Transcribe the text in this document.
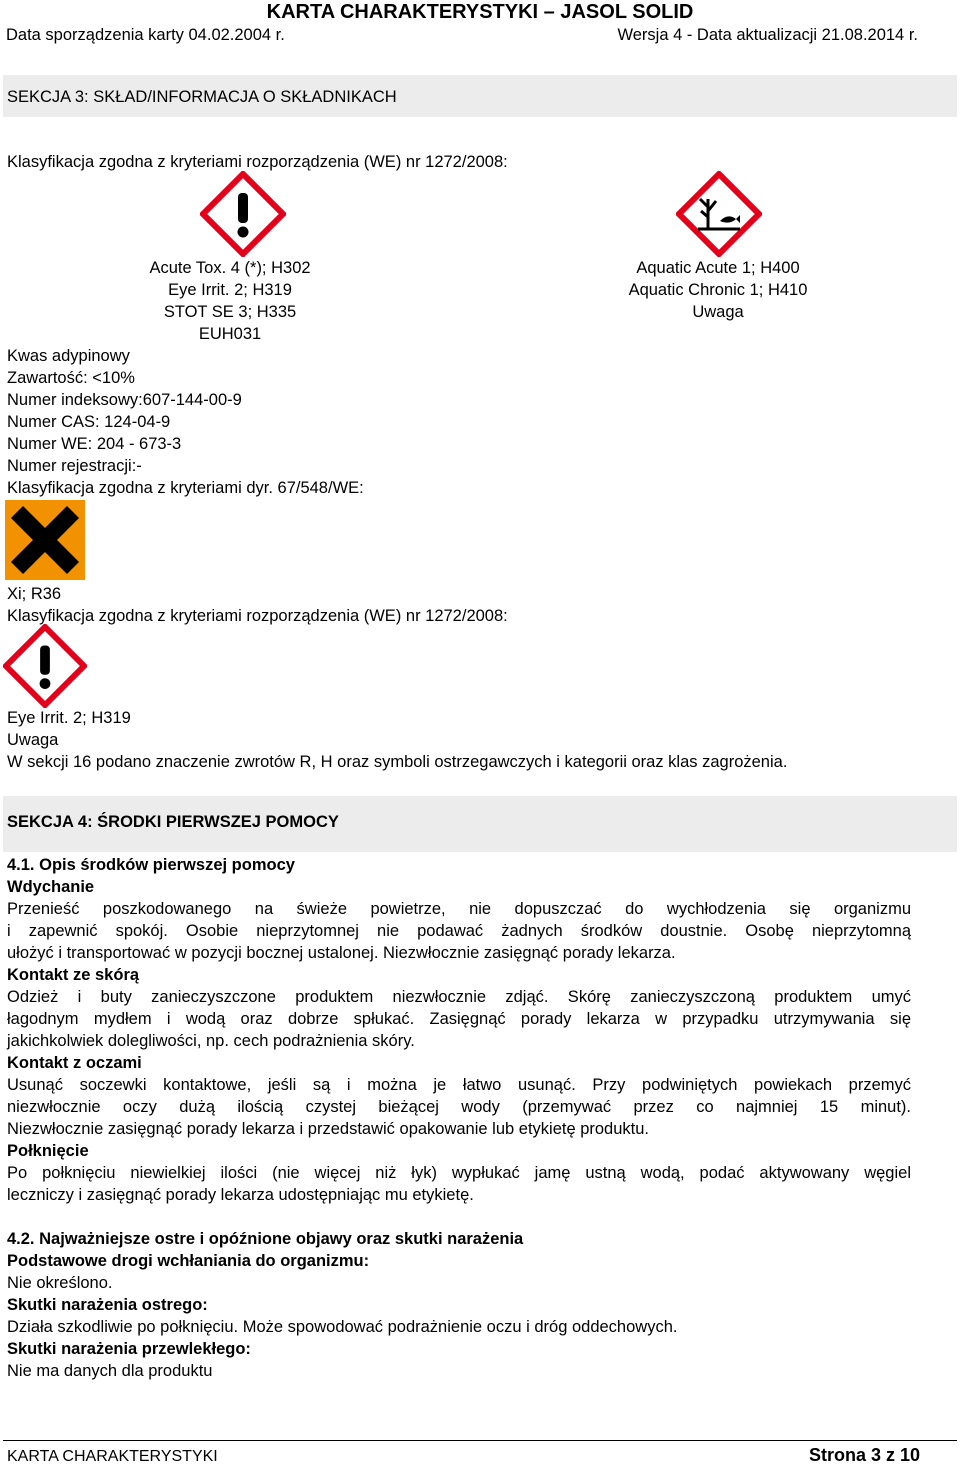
KARTA CHARAKTERYSTYKI – JASOL SOLID
Data sporządzenia karty 04.02.2004 r.	Wersja 4 - Data aktualizacji 21.08.2014 r.
SEKCJA 3: SKŁAD/INFORMACJA O SKŁADNIKACH
Klasyfikacja zgodna z kryteriami rozporządzenia (WE) nr 1272/2008:
Acute Tox. 4 (*); H302
Eye Irrit. 2; H319
STOT SE 3; H335
EUH031
Aquatic Acute 1; H400
Aquatic Chronic 1; H410
Uwaga
Kwas adypinowy
Zawartość: <10%
Numer indeksowy:607-144-00-9
Numer CAS: 124-04-9
Numer WE: 204 - 673-3
Numer rejestracji:-
Klasyfikacja zgodna z kryteriami dyr. 67/548/WE:
Xi; R36
Klasyfikacja zgodna z kryteriami rozporządzenia (WE) nr 1272/2008:
Eye Irrit. 2; H319
Uwaga
W sekcji 16 podano znaczenie zwrotów R, H oraz symboli ostrzegawczych i kategorii oraz klas zagrożenia.
SEKCJA 4: ŚRODKI PIERWSZEJ POMOCY
4.1. Opis środków pierwszej pomocy
Wdychanie
Przenieść poszkodowanego na świeże powietrze, nie dopuszczać do wychłodzenia się organizmu
i zapewnić spokój. Osobie nieprzytomnej nie podawać żadnych środków doustnie. Osobę nieprzytomną
ułożyć i transportować w pozycji bocznej ustalonej. Niezwłocznie zasięgnąć porady lekarza.
Kontakt ze skórą
Odzież i buty zanieczyszczone produktem niezwłocznie zdjąć. Skórę zanieczyszczoną produktem umyć
łagodnym mydłem i wodą oraz dobrze spłukać. Zasięgnąć porady lekarza w przypadku utrzymywania się
jakichkolwiek dolegliwości, np. cech podrażnienia skóry.
Kontakt z oczami
Usunąć soczewki kontaktowe, jeśli są i można je łatwo usunąć. Przy podwiniętych powiekach przemyć
niezwłocznie oczy dużą ilością czystej bieżącej wody (przemywać przez co najmniej 15 minut).
Niezwłocznie zasięgnąć porady lekarza i przedstawić opakowanie lub etykietę produktu.
Połknięcie
Po połknięciu niewielkiej ilości (nie więcej niż łyk) wypłukać jamę ustną wodą, podać aktywowany węgiel
leczniczy i zasięgnąć porady lekarza udostępniając mu etykietę.
4.2. Najważniejsze ostre i opóźnione objawy oraz skutki narażenia
Podstawowe drogi wchłaniania do organizmu:
Nie określono.
Skutki narażenia ostrego:
Działa szkodliwie po połknięciu. Może spowodować podrażnienie oczu i dróg oddechowych.
Skutki narażenia przewlekłego:
Nie ma danych dla produktu
KARTA CHARAKTERYSTYKI	Strona 3 z 10
